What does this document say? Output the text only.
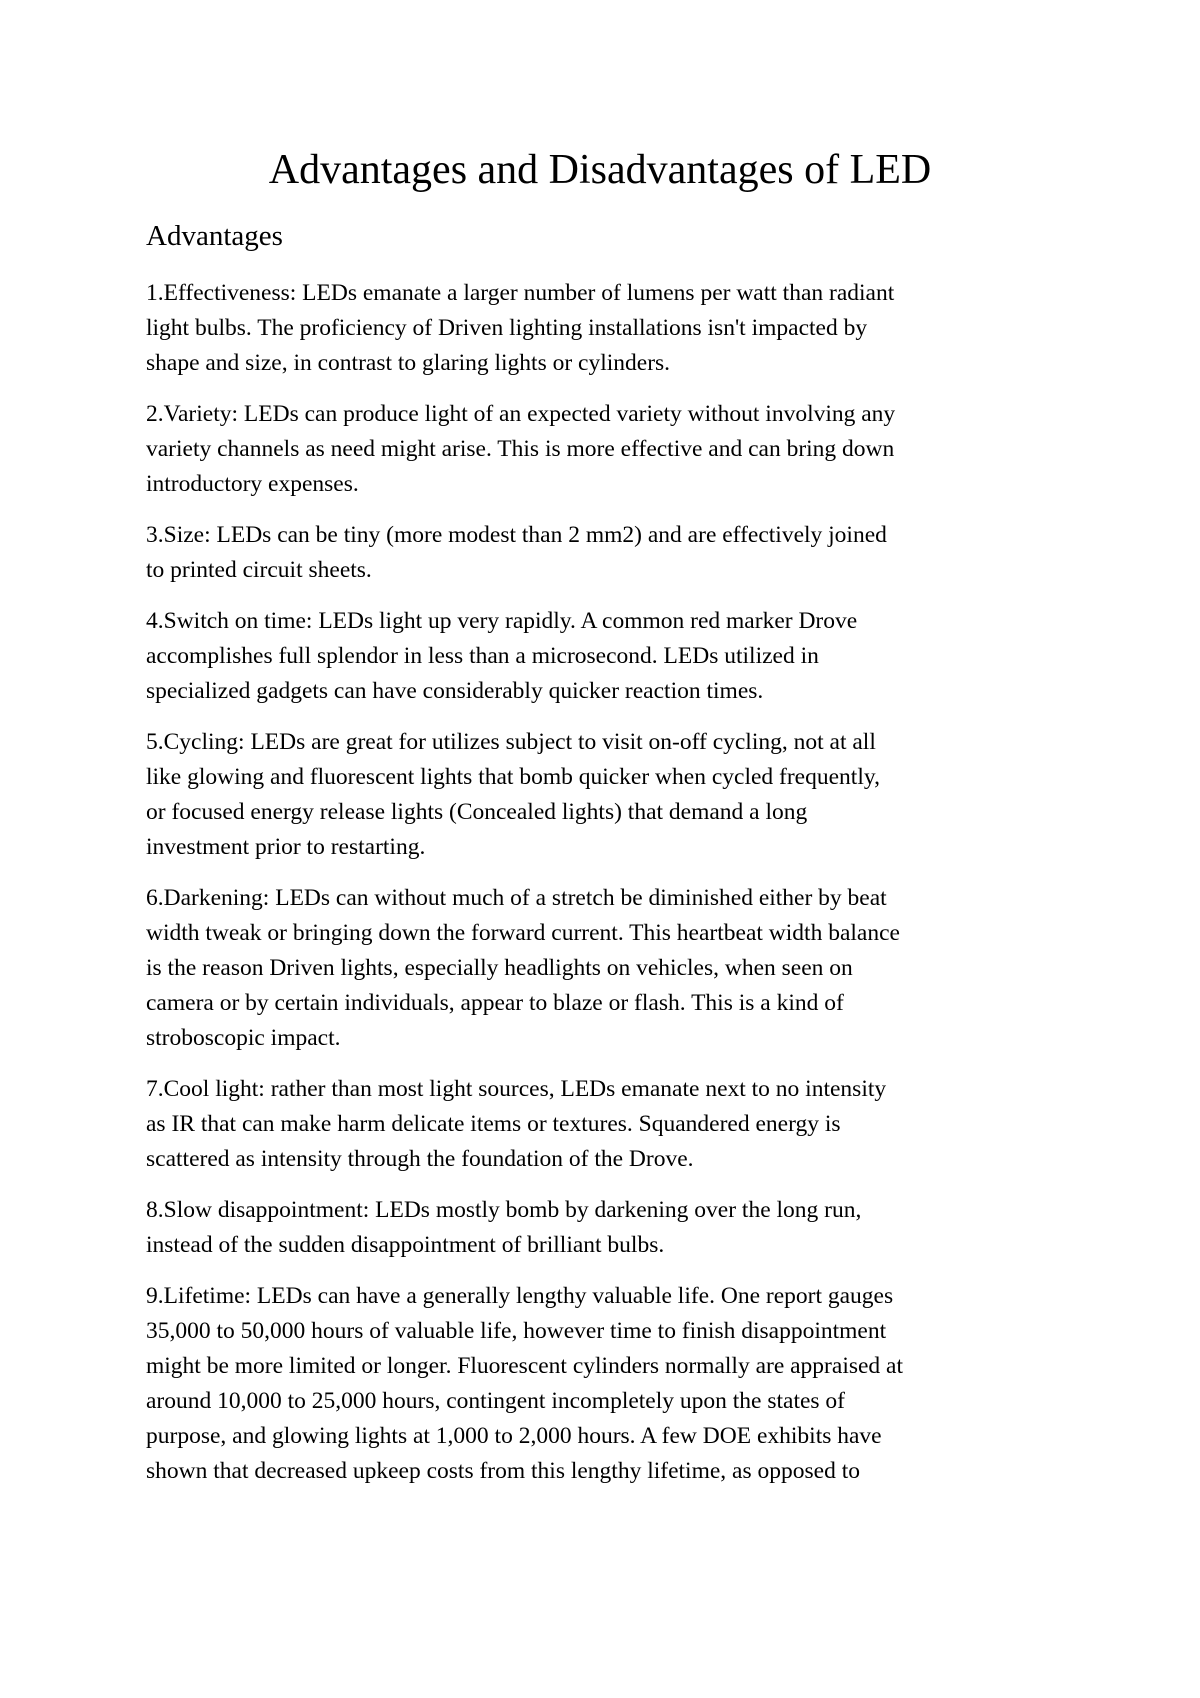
Advantages and Disadvantages of LED
Advantages

1.Effectiveness: LEDs emanate a larger number of lumens per watt than radiant
light bulbs. The proficiency of Driven lighting installations isn't impacted by
shape and size, in contrast to glaring lights or cylinders.

2.Variety: LEDs can produce light of an expected variety without involving any
variety channels as need might arise. This is more effective and can bring down
introductory expenses.

3.Size: LEDs can be tiny (more modest than 2 mm2) and are effectively joined
to printed circuit sheets.

4.Switch on time: LEDs light up very rapidly. A common red marker Drove
accomplishes full splendor in less than a microsecond. LEDs utilized in
specialized gadgets can have considerably quicker reaction times.

5.Cycling: LEDs are great for utilizes subject to visit on-off cycling, not at all
like glowing and fluorescent lights that bomb quicker when cycled frequently,
or focused energy release lights (Concealed lights) that demand a long
investment prior to restarting.

6.Darkening: LEDs can without much of a stretch be diminished either by beat
width tweak or bringing down the forward current. This heartbeat width balance
is the reason Driven lights, especially headlights on vehicles, when seen on
camera or by certain individuals, appear to blaze or flash. This is a kind of
stroboscopic impact.

7.Cool light: rather than most light sources, LEDs emanate next to no intensity
as IR that can make harm delicate items or textures. Squandered energy is
scattered as intensity through the foundation of the Drove.

8.Slow disappointment: LEDs mostly bomb by darkening over the long run,
instead of the sudden disappointment of brilliant bulbs.

9.Lifetime: LEDs can have a generally lengthy valuable life. One report gauges
35,000 to 50,000 hours of valuable life, however time to finish disappointment
might be more limited or longer. Fluorescent cylinders normally are appraised at
around 10,000 to 25,000 hours, contingent incompletely upon the states of
purpose, and glowing lights at 1,000 to 2,000 hours. A few DOE exhibits have
shown that decreased upkeep costs from this lengthy lifetime, as opposed to
